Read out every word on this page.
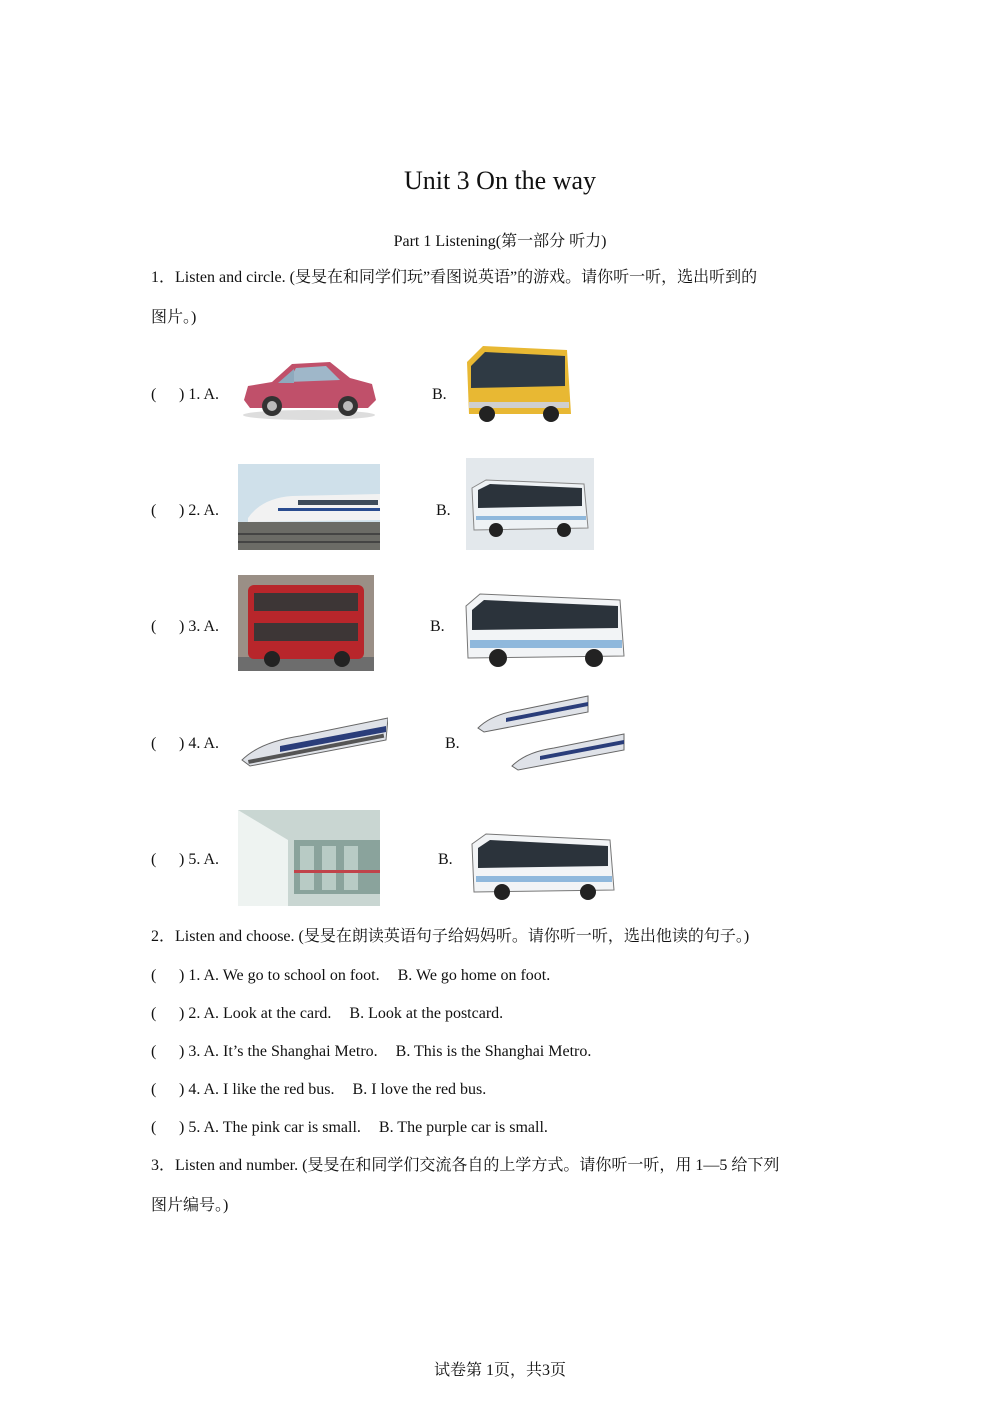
Unit 3 On the way
Part 1 Listening(第一部分 听力)
1．Listen and circle. (旻旻在和同学们玩”看图说英语”的游戏。请你听一听，选出听到的
图片。)
( ) 1. A.	B.
( ) 2. A.	B.
( ) 3. A.	B.
( ) 4. A.	B.
( ) 5. A.	B.
2．Listen and choose. (旻旻在朗读英语句子给妈妈听。请你听一听，选出他读的句子。)
( ) 1. A. We go to school on foot. B. We go home on foot.
( ) 2. A. Look at the card. B. Look at the postcard.
( ) 3. A. It’s the Shanghai Metro. B. This is the Shanghai Metro.
( ) 4. A. I like the red bus. B. I love the red bus.
( ) 5. A. The pink car is small. B. The purple car is small.
3．Listen and number. (旻旻在和同学们交流各自的上学方式。请你听一听，用 1—5 给下列
图片编号。)
试卷第 1页，共3页
